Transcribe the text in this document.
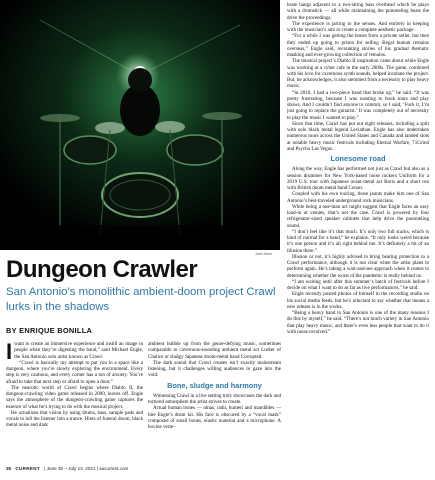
Josh Huke
Dungeon Crawler
San Antonio’s monolithic ambient-doom project Crawl lurks in the shadows
BY ENRIQUE BONILLA

Iwant to create an immersive experience and instill an image in people when they’re digesting the band,” said Michael Engle, the San Antonio solo artist known as Crawl.

“Crawl is basically my attempt to put you in a space like a dungeon, where you’re slowly exploring the environment. Every step is very cautious, and every corner has a ton of anxiety. You’re afraid to take that next step or afraid to open a door.”

The neurotic world of Crawl begins where Diablo II, the dungeon-crawling video game released in 2000, leaves off. Engle says the atmosphere of the dungeon-crawling game captures the essence of what he’s trying to do with the musical project.

He actualizes that vision by using drums, bass, sample pads and vocals to lull the listener into a trance. Hints of funeral doom, black metal noise and dark

ambient bubble up from the genre-defying music, sometimes comparable to cavernous-sounding ambient metal act Lurker of Chalice or sludgy Japanese doom-metal band Corrupted.

The dark sound that Crawl creates isn’t exactly mainstream listening, but it challenges willing audiences to gaze into the void.

Bone, sludge and harmony

Witnessing Crawl in a live setting truly showcases the dark and tortured atmosphere the artist strives to create.

Actual human bones — ulnas, radii, humeri and mandibles — line Engle’s drum kit. His face is obscured by a “vocal mask” composed of small bones, elastic material and a microphone. A bovine verte-

brate hangs adjacent to a two-string bass overhead which he plays with a drumstick — all while maintaining the pummeling beats the drive the proceedings.

The experience is jarring to the senses. And entirely in keeping with the musician’s aim to create a complete aesthetic package.

“For a while I was getting the bones from a private seller, but then they ended up going to prison for selling illegal human remains overseas,” Engle said, recounting stories of his gradual thematic masking and ever-growing collection of remains.

The musical project’s Diablo II inspiration came about while Engle was working at a cyber cafe in the early 2000s. The game, combined with his love for cavernous synth sounds, helped incubate the project. But, he acknowledges, it also stemmed from a necessity to play heavy music.

“In 2010, I had a two-piece band that broke up,” he said. “It was pretty frustrating, because I was wanting to book tours and play shows. And I couldn’t find anyone to commit, so I said, ‘Fuck it, I’m just going to replace the guitarist.’ It was completely out of necessity to play the music I wanted to play.”

Since that time, Crawl has put out eight releases, including a split with solo black metal legend Leviathan. Engle has also undertaken numerous tours across the United States and Canada and landed slots at notable heavy music festivals including Eternal Warfare, 71Grind and Psycho Las Vegas.

Lonesome road

Along the way, Engle has performed not just as Crawl but also as a session drummer for New York-based noise rockers Uniform for a 2019 U.S. tour with Japanese avant-metal act Boris and a short run with British doom metal band Conan.

Coupled with his own touring, those jaunts make him one of San Antonio’s best-traveled underground rock musicians.

While being a one-man act might suggest that Engle faces an easy load-in at venues, that’s not the case. Crawl is powered by four refrigerator-sized speaker cabinets that help drive the pummeling sound.

“I don’t feel like it’s that much. It’s only two full stacks, which is kind of normal for a band,” he explains. “It only looks weird because it’s one person and it’s all right behind me. It’s definitely a bit of an illusion there.”

Illusion or not, it’s highly advised to bring hearing protection to a Crawl performance, although it is not clear when the artist plans to perform again. He’s taking a wait-and-see approach when it comes to determining whether the worst of the pandemic is really behind us.

“I am waiting until after this summer’s batch of festivals before I decide on what I want to do as far as live performances,” he said.

Engle recently posted photos of himself in the recording studio on his social media feeds, but he’s reluctant to say whether that means a new release is in the works.

“Being a heavy band in San Antonio is one of the many reasons I do this by myself,” he said. “There’s not much variety in San Antonio that play heavy music, and there’s even less people that want to do it with noise involved.”

26 CURRENT | June 30 – July 13, 2021 | sacurrent.com
